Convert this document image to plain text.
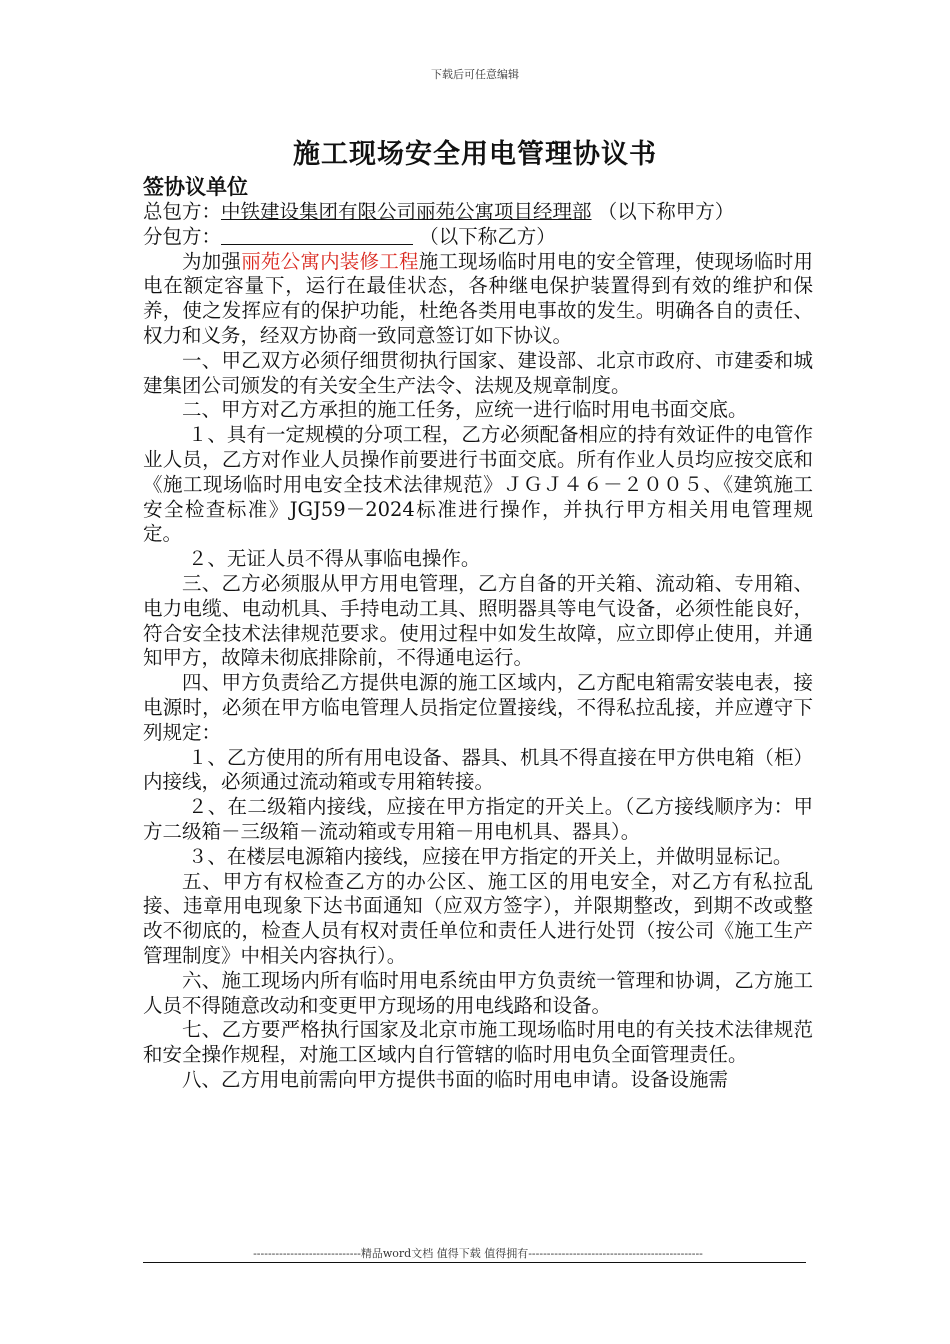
下载后可任意编辑
施工现场安全用电管理协议书

签协议单位

总包方：中铁建设集团有限公司丽苑公寓项目经理部 （以下称甲方）

分包方：	（以下称乙方）

为加强丽苑公寓内装修工程施工现场临时用电的安全管理，使现场临时用电在额定容量下，运行在最佳状态，各种继电保护装置得到有效的维护和保养，使之发挥应有的保护功能，杜绝各类用电事故的发生。明确各自的责任、权力和义务，经双方协商一致同意签订如下协议。

一、甲乙双方必须仔细贯彻执行国家、建设部、北京市政府、市建委和城建集团公司颁发的有关安全生产法令、法规及规章制度。

二、甲方对乙方承担的施工任务，应统一进行临时用电书面交底。

１、具有一定规模的分项工程，乙方必须配备相应的持有效证件的电管作业人员，乙方对作业人员操作前要进行书面交底。所有作业人员均应按交底和《施工现场临时用电安全技术法律规范》ＪＧＪ４６－２００５、《建筑施工安全检查标准》JGJ59－2024标准进行操作，并执行甲方相关用电管理规定。

２、无证人员不得从事临电操作。

三、乙方必须服从甲方用电管理，乙方自备的开关箱、流动箱、专用箱、电力电缆、电动机具、手持电动工具、照明器具等电气设备，必须性能良好，符合安全技术法律规范要求。使用过程中如发生故障，应立即停止使用，并通知甲方，故障未彻底排除前，不得通电运行。

四、甲方负责给乙方提供电源的施工区域内，乙方配电箱需安装电表，接电源时，必须在甲方临电管理人员指定位置接线，不得私拉乱接，并应遵守下列规定：

１、乙方使用的所有用电设备、器具、机具不得直接在甲方供电箱（柜）内接线，必须通过流动箱或专用箱转接。

２、在二级箱内接线，应接在甲方指定的开关上。（乙方接线顺序为：甲方二级箱－三级箱－流动箱或专用箱－用电机具、器具）。

３、在楼层电源箱内接线，应接在甲方指定的开关上，并做明显标记。

五、甲方有权检查乙方的办公区、施工区的用电安全，对乙方有私拉乱接、违章用电现象下达书面通知（应双方签字），并限期整改，到期不改或整改不彻底的，检查人员有权对责任单位和责任人进行处罚（按公司《施工生产管理制度》中相关内容执行）。

六、施工现场内所有临时用电系统由甲方负责统一管理和协调，乙方施工人员不得随意改动和变更甲方现场的用电线路和设备。

七、乙方要严格执行国家及北京市施工现场临时用电的有关技术法律规范和安全操作规程，对施工区域内自行管辖的临时用电负全面管理责任。

八、乙方用电前需向甲方提供书面的临时用电申请。设备设施需

-----------------------------精品word文档 值得下载 值得拥有-----------------------------------------------
